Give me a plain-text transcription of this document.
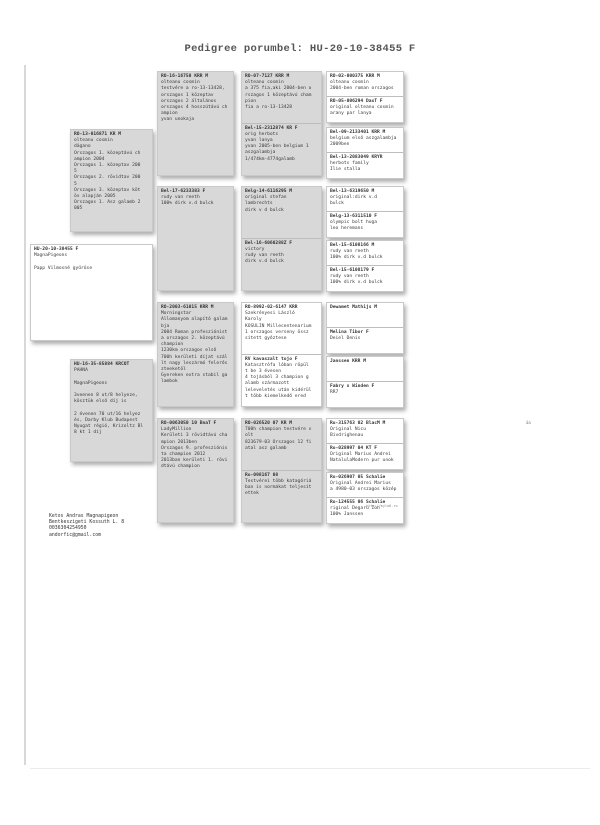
Pedigree porumbel: HU-20-10-38455 F
HU-20-10-38455 F
MagnaPigeons

Papp Vilmosné gyűrűse
RO-13-016871 KR M
olteanu cosmin
dăgano
Orszagos 1. közeptávú ch
ampion 2004
Orszagos 1. közeptav 200
5
Orszagos 2. rövidtav 200
5
Orszagos 3. közeptav köt
öv alapján 2005
Orszagos 1. Asz galamb 2
005
HU-16-35-85884 KRCOT
PAHNA

MagnaPigeons

3veenen 8 ut/8 helyeze,
kösztük első díj is

2 évenen 70 ut/16 helyez
és, Darby Klub Budapest
Nyugat régió, Krizoltz Bl
8 kt 1 díj
RO-16-16750 KRR M
olteanu cosmin
testvére a ro-13-13428,
orszagos 1 közeptav
orszagos 2 általános
orszagos 4 hosszútávú ch
ampion
yvan unokaja
Bel-17-6233383 F
rudy van reeth
100% dirk v.d bulck
RO-2003-61015 KRR M
Morningstar
Allomanyom alapító galam
bja
2004 Roman profesziónist
a orszagos 2. közeptávú
champion
1230km orszagos első
700h kerületi díjat szál
lt nagy leszármó felerős
zteeketöl
Gyereken extra stabil ga
lambok
RO-0063050 10 BnaT F
LadyMillion
Kerületi 3 rövidtávú cha
mpion 2013ben
Orszagos 9. profesziónis
ta champion 2012
2013ban kerületi 1. rövi
dtávú champion
RO-07-7127 KRR M
olteanu cosmin
a 375 fia,aki 2004-ben o
rszagos 1 közeptávú cham
pion
fia a ro-13-13428
Bel-15-2312874 KR F
orig herbots
yvan lanya
yvan 2005-ben belgium 1
aszgalambja
1/474km-4774galamb
Belg-14-6116295 M
original stefan
lambrechts
dirk v d bulck
Bel-16-6060288Z F
victory
rudy van reeth
dirk v.d bulck
RO-8992-02-6147 KRR
Szekrényesi László
Karoly
KOSULIN Millecentenarium
1 orszagos verseny össz
sített győztese
RV kavaszalt tojo F
Katasztrófa lóban röpül
t be 3 évesen
4 tojásból 3 champion g
alamb származott
leleveletés után kidérül
t több kiemelkedő ered
RO-026520 07 KR M
700h champion testvére v
olt
823679-03 Orszagos 12 fi
atal asz galamb
Ro-098167 08
Testvérei több katagóriá
ban is normákat teljesít
ettek
RO-02-000375 KRR M
olteanu cosmin
2004-ben roman orszagos
RO-05-006294 DaxT F
original olteanu cosmin
arany par lanya
Bel-09-2133401 KRR M
belgium első aszgalambja
2009ben
Bel-13-2083049 KRYR
herbots family
Ilie stalla
Bel-13-6319650 M
original:dirk v.d
bulck
Belg-13-6311510 F
olympic bolt huga
leo heremans
Bel-15-6108166 M
rudy van reeth
100% dirk v.d bulck
Bel-15-6108179 F
rudy van reeth
100% dirk v.d bulck
Dewamet Mathijs M
Melina Tibor F
Deiel Denis
Janssen KRR M
Fabry x Winden F
RR7
Ru-315763 02 BlacM M
Original Nicu
Bivdrighenau
Ro-028997 04 KT F
Original Marius Andrei
NatalulaModern pur unok
Ro-026907 05 Schalie
Original Andrei Marius
a 4980-03 orszagos közép
Ro-124555 06 Schalie
riginal Degaru Ion
100% Janssen
Ketos Andras Magnapigeon
Bentkeszigeti Kossuth L. 8
0036304254950
andorfic@gmail.com
http://mylo6.ro
ăa
